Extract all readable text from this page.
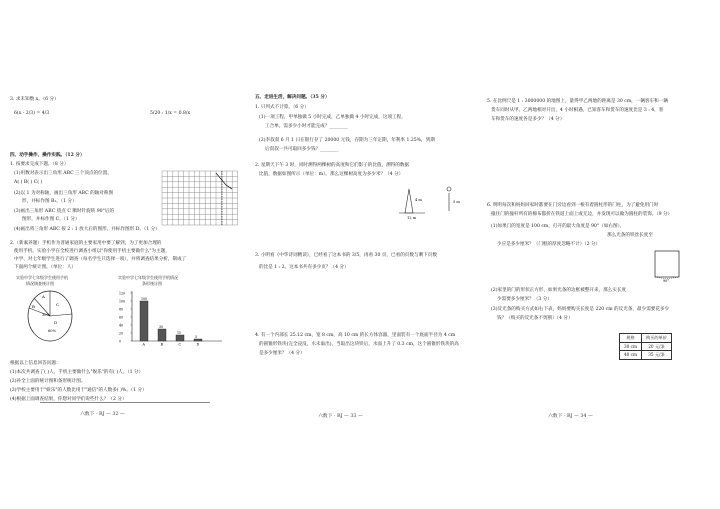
3. 求未知数 x。（6 分）
6(x - 2/3) = 4/3	5/20 : 1/x = 0.8/x
四、动手操作，操作实践。（12 分）
1. 按要求完成下题。（8 分）
(1)用数对表示出三角形 ABC 三个顶点的位置。
A( ) B( ) C( )
(2)以 1 为对称轴，画出三角形 ABC 的轴对称图
形，并标作图 B₁。（1 分）
(3)画出三角形 ABC 绕点 C 顺时针旋转 90°后的
图形，并标作图 C。（1 分）
(4)画出将三角形 ABC 按 2 : 1 放大后的图形，并标作图形 D。（1 分）
2.（新素养题）手机作为普通家庭的主要家用中要了解到，为了更加合理的
使用手机，实验小学在全校进行调查小组以"你使用手机主要做什么"为主题，
中学、对七年级学生进行了调查（每名学生只选择一项），并将调查结果分析，制成了
下面两个统计图。（单位：人）
实验中学七年级学生使用手机
情况调查统计图
A
B	C
D
30%
60%
实验中学七年级学生使用手机情况
条形统计图
120
100
80
60
40
20
0
100
A
30
B
15
C
5
D
根据以上信息回答问题：
(1)本次共调查了( )人，手机主要做什么"娱乐"的有( )人。（1 分）
(2)补全上面的统计图和条形统计图。
(3)学校主要用于"娱乐"的人数比用于"通信"的人数多( )%。（1 分）
(4)根据上面调查结果，你想对同学们说些什么？（2 分）
六数下 · RJ — 32 —
五、走进生活，解决问题。（35 分）
1. 只列式不计算。（6 分）
(1)一项工程，甲单独做 5 小时完成，乙单独做 4 小时完成，这项工程，
工合单，需多少小时才能完成？________
(2)李叔叔 6 月 1 日在银行存了 20000 元钱，存期为三年定期，年利率 1.25%，到期
后叔叔一共可取回多少钱？________
2. 星期天下午 3 时，同时测得两棵树的高度和它们影子的比值，测得的数据
比值，数据如图所示（单位：m）。那么这棵树高度为多少米？（4 分）
4 m	5 m
12 m
3. 小明看《中华诗词精读》，已经看了这本书的 3/5，再看 30 页，已看的页数与剩下页数
的比是 1 : 2。这本书共有多少页？（4 分）
4. 有一个内部长 25.12 cm，宽 8 cm，高 10 cm 的长方体容器，里面装有一个底面半径为 4 cm
的圆锥形铁块(完全浸没，水未溢出)，当取出这块铁后，水面上升了 0.3 cm，这个圆锥形铁块的高
是多少厘米？（4 分）
六数下 · RJ — 33 —
5. 在比例尺是 1 : 3000000 的地图上，量得甲乙两地的距离是 30 cm，一辆客车和一辆
货车同时从甲、乙两地相对开出，4 小时相遇。已知客车和货车的速度比是 3 : 4，客
车和货车的速度各是多少？（4 分）
6. 明明每次和妈妈回家时都要在门旁边看到一根有着圆柱形的门柱，为了避免用门时
撞住门的撞杆所有的棉布都折在铁道上面上或无边，并发现可以做为圆柱的装饰。（9 分）
(1)如果门的宽度是 100 cm，打开的最大角度是 90°（如右图），
那么光条的铁丝长度至
少应是多少厘米？（门框的厚度忽略不计）（2 分）
90°
(2)家里的门的形状正方形，如果光条的边框被整开来，那么实长度
少需要多少厘米？（3 分）
(3)反光条的购买方式如右下表，妈妈要购买长度是 220 cm 的反光条，最少需要花多少
钱？（购买的反光条不剪断）（4 分）
规格	购买的单价
30 cm	20 元/条
40 cm	35 元/条
六数下 · RJ — 34 —
